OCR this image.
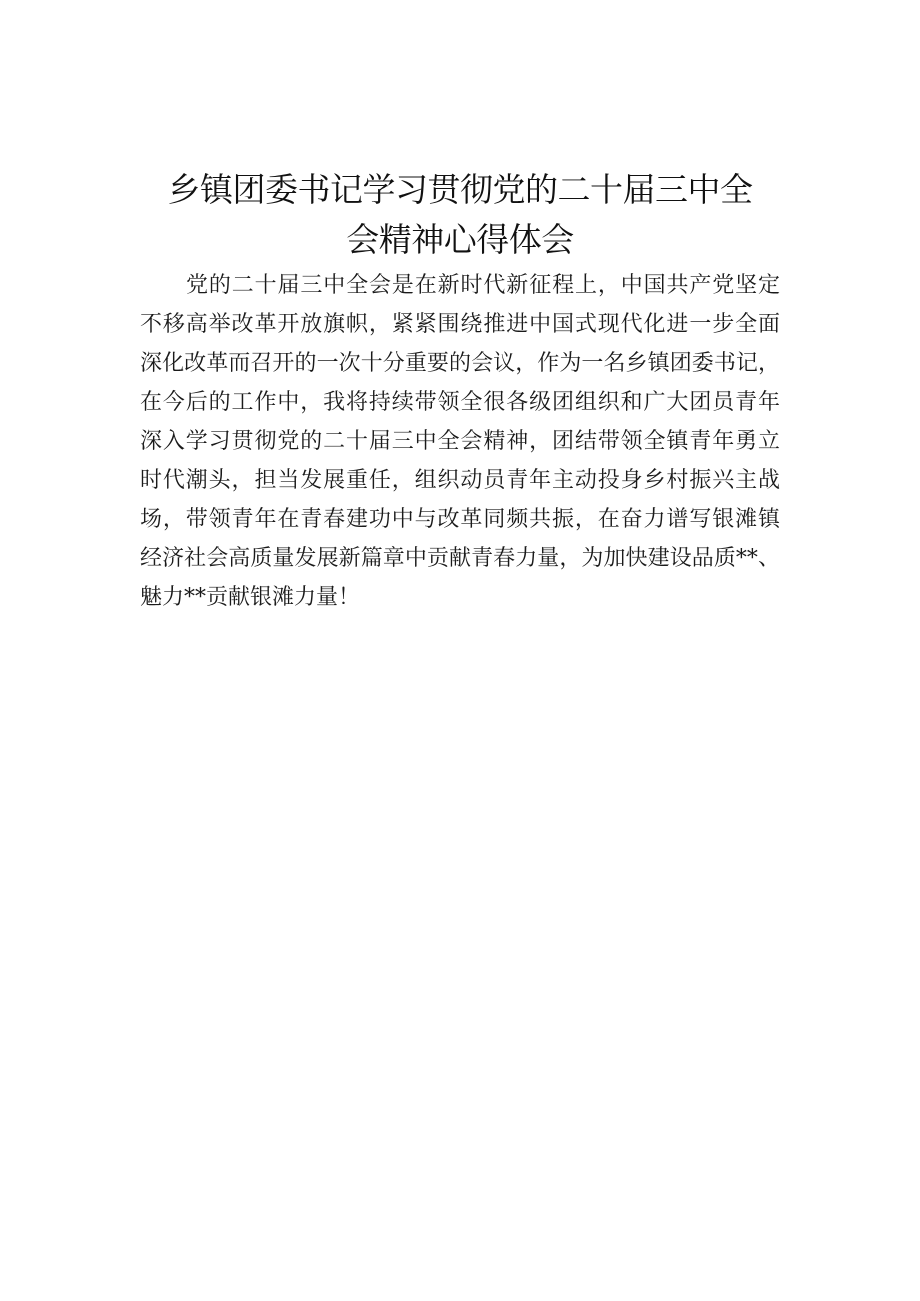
乡镇团委书记学习贯彻党的二十届三中全
会精神心得体会
党的二十届三中全会是在新时代新征程上，中国共产党坚定
不移高举改革开放旗帜，紧紧围绕推进中国式现代化进一步全面
深化改革而召开的一次十分重要的会议，作为一名乡镇团委书记，
在今后的工作中，我将持续带领全很各级团组织和广大团员青年
深入学习贯彻党的二十届三中全会精神，团结带领全镇青年勇立
时代潮头，担当发展重任，组织动员青年主动投身乡村振兴主战
场，带领青年在青春建功中与改革同频共振，在奋力谱写银滩镇
经济社会高质量发展新篇章中贡献青春力量，为加快建设品质**、
魅力**贡献银滩力量！
